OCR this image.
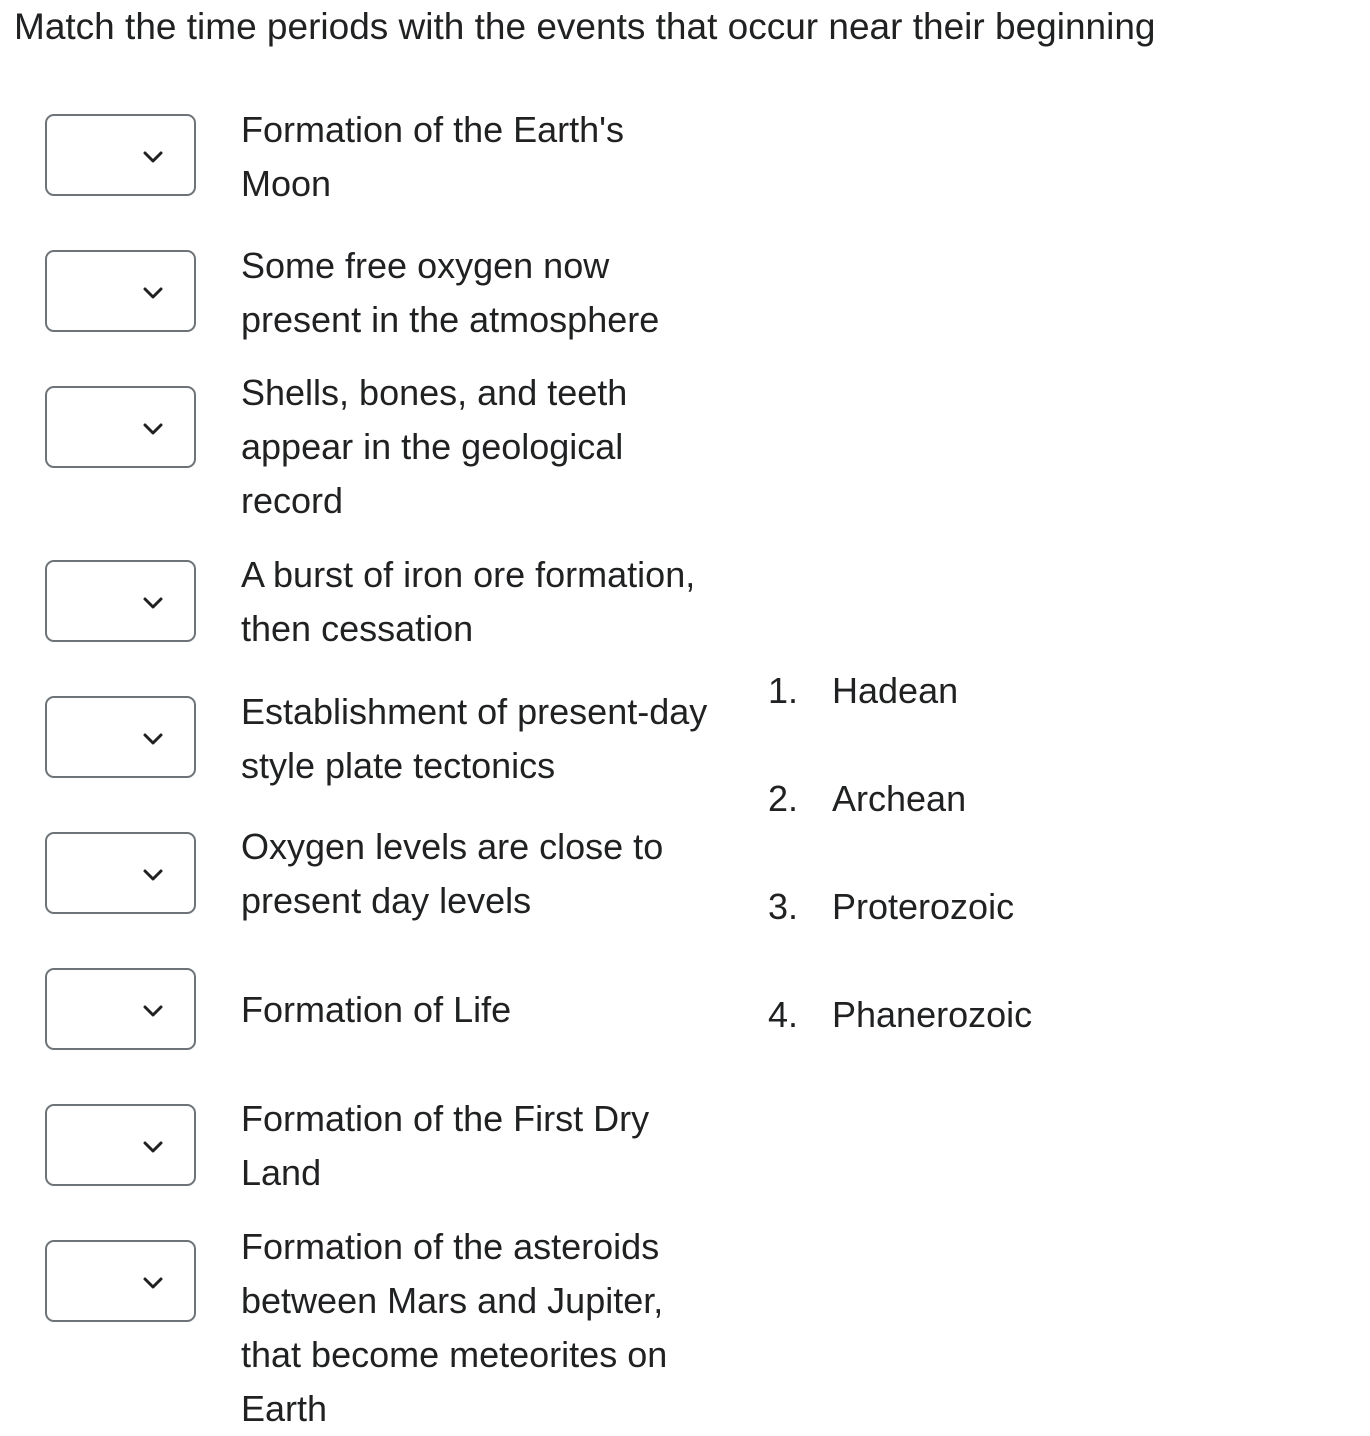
Match the time periods with the events that occur near their beginning
Formation of the Earth's Moon
Some free oxygen now present in the atmosphere
Shells, bones, and teeth appear in the geological record
A burst of iron ore formation, then cessation
Establishment of present-day style plate tectonics
Oxygen levels are close to present day levels
Formation of Life
Formation of the First Dry Land
Formation of the asteroids between Mars and Jupiter, that become meteorites on Earth
1. Hadean
2. Archean
3. Proterozoic
4. Phanerozoic
